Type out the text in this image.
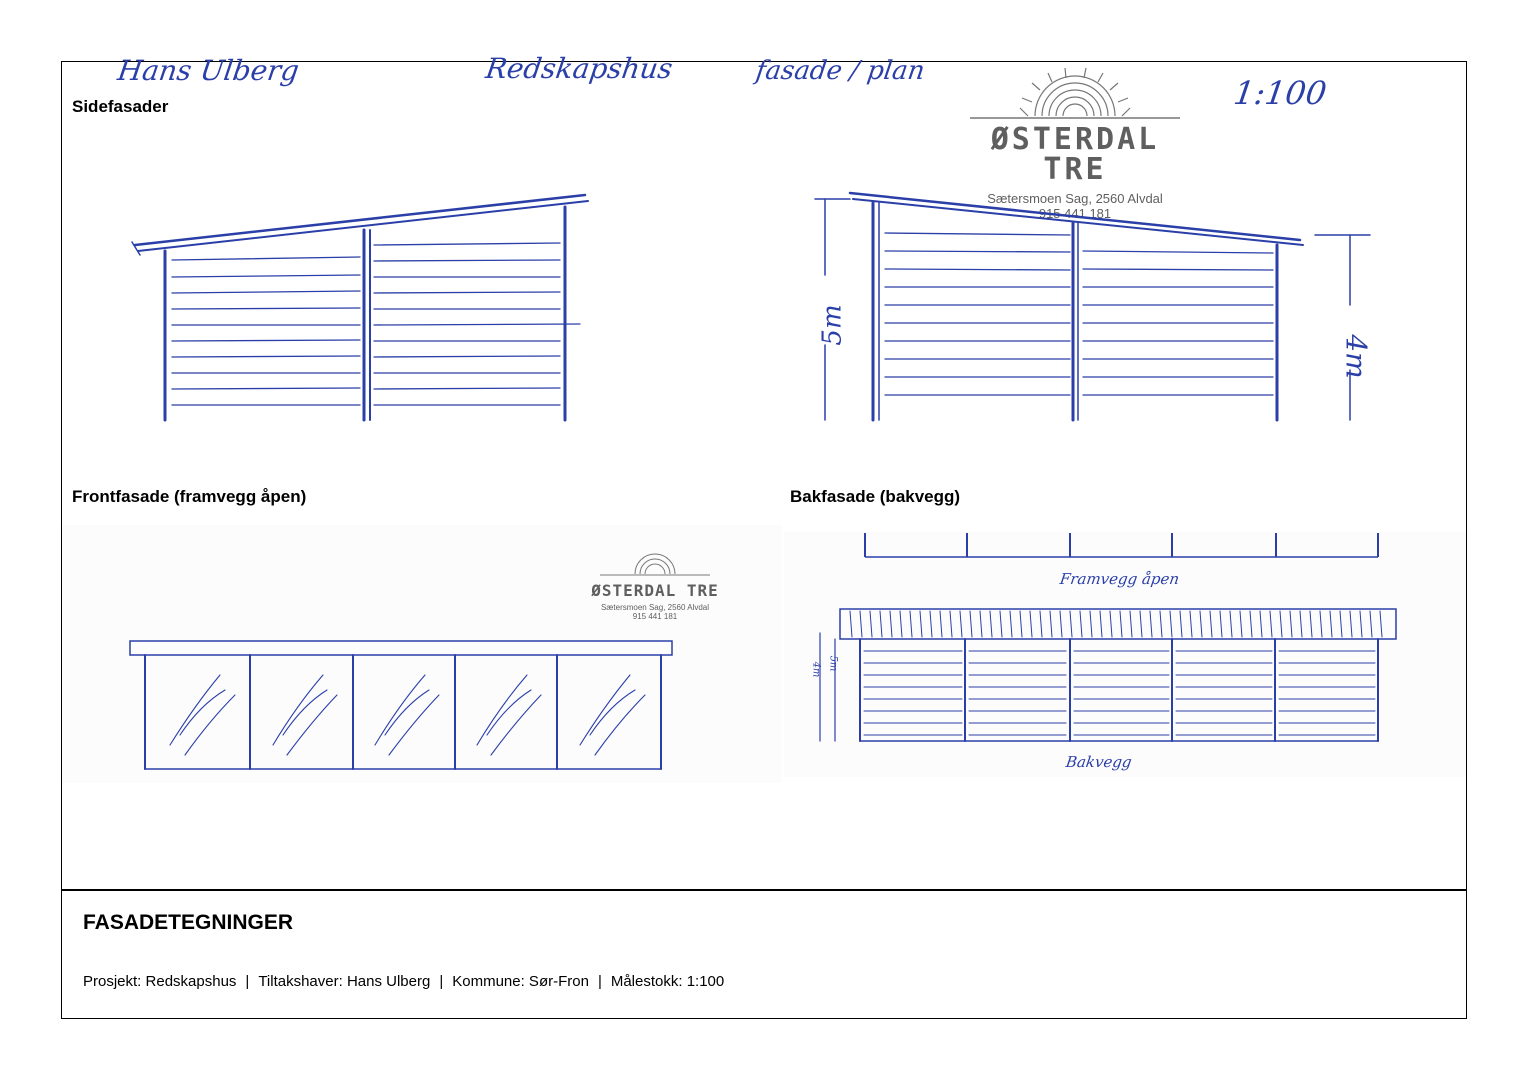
Hans Ulberg	Redskapshus	fasade / plan
1:100
Sidefasader
Frontfasade (framvegg åpen)	Bakfasade (bakvegg)
ØSTERDAL TRE
Sætersmoen Sag, 2560 Alvdal
915 441 181
5m
4m
ØSTERDAL TRE
Sætersmoen Sag, 2560 Alvdal
915 441 181
Framvegg åpen
4m 5m
Bakvegg
FASADETEGNINGER
Prosjekt: Redskapshus | Tiltakshaver: Hans Ulberg | Kommune: Sør-Fron | Målestokk: 1:100
